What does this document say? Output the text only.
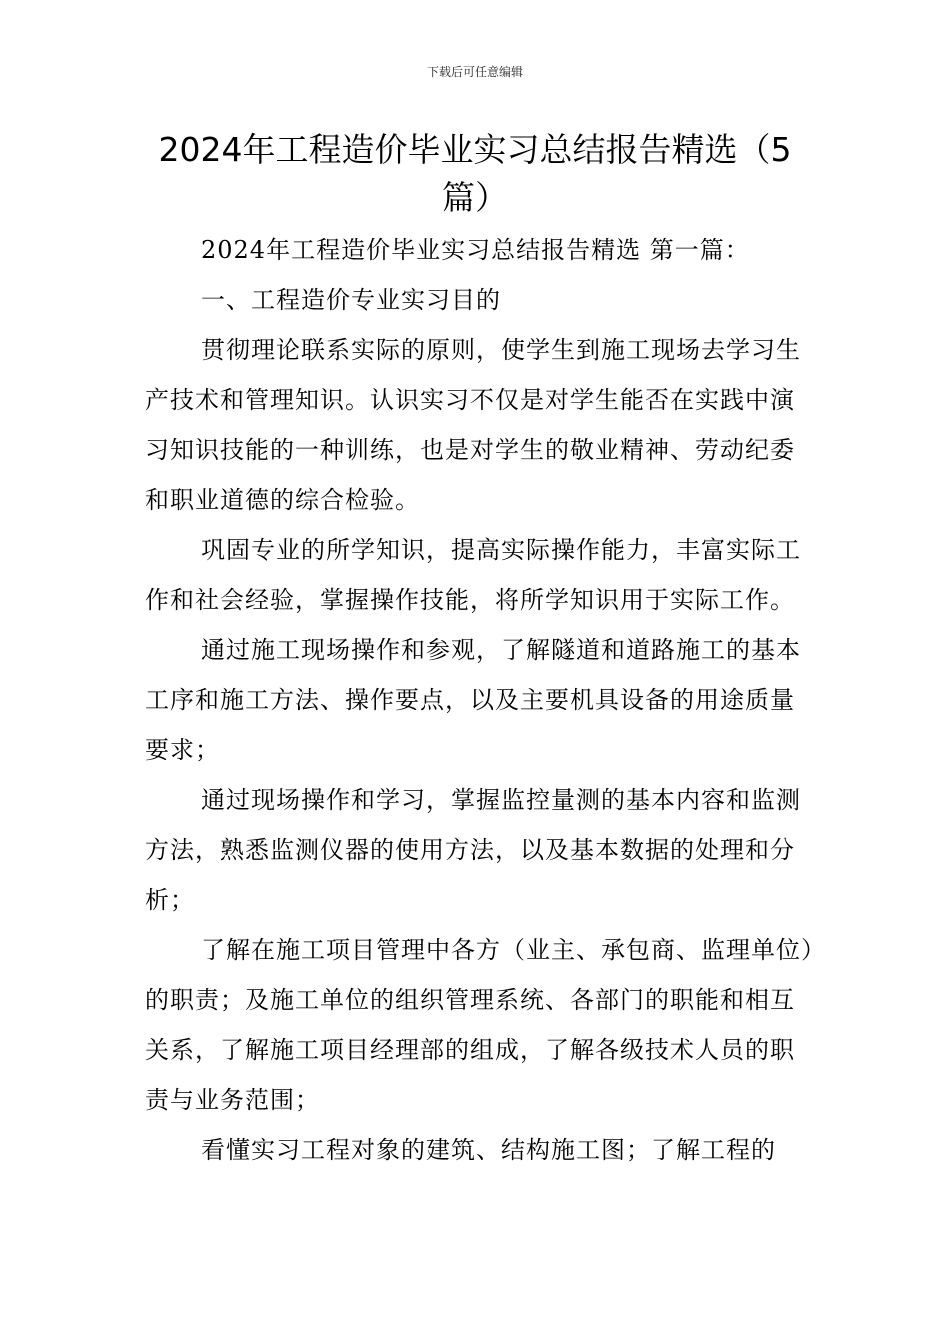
下载后可任意编辑
2024年工程造价毕业实习总结报告精选（5篇）

2024年工程造价毕业实习总结报告精选 第一篇：

一、工程造价专业实习目的

贯彻理论联系实际的原则，使学生到施工现场去学习生产技术和管理知识。认识实习不仅是对学生能否在实践中演习知识技能的一种训练，也是对学生的敬业精神、劳动纪委和职业道德的综合检验。

巩固专业的所学知识，提高实际操作能力，丰富实际工作和社会经验，掌握操作技能，将所学知识用于实际工作。

通过施工现场操作和参观，了解隧道和道路施工的基本工序和施工方法、操作要点，以及主要机具设备的用途质量要求；

通过现场操作和学习，掌握监控量测的基本内容和监测方法，熟悉监测仪器的使用方法，以及基本数据的处理和分析；

了解在施工项目管理中各方（业主、承包商、监理单位）的职责；及施工单位的组织管理系统、各部门的职能和相互关系，了解施工项目经理部的组成，了解各级技术人员的职责与业务范围；

看懂实习工程对象的建筑、结构施工图；了解工程的
